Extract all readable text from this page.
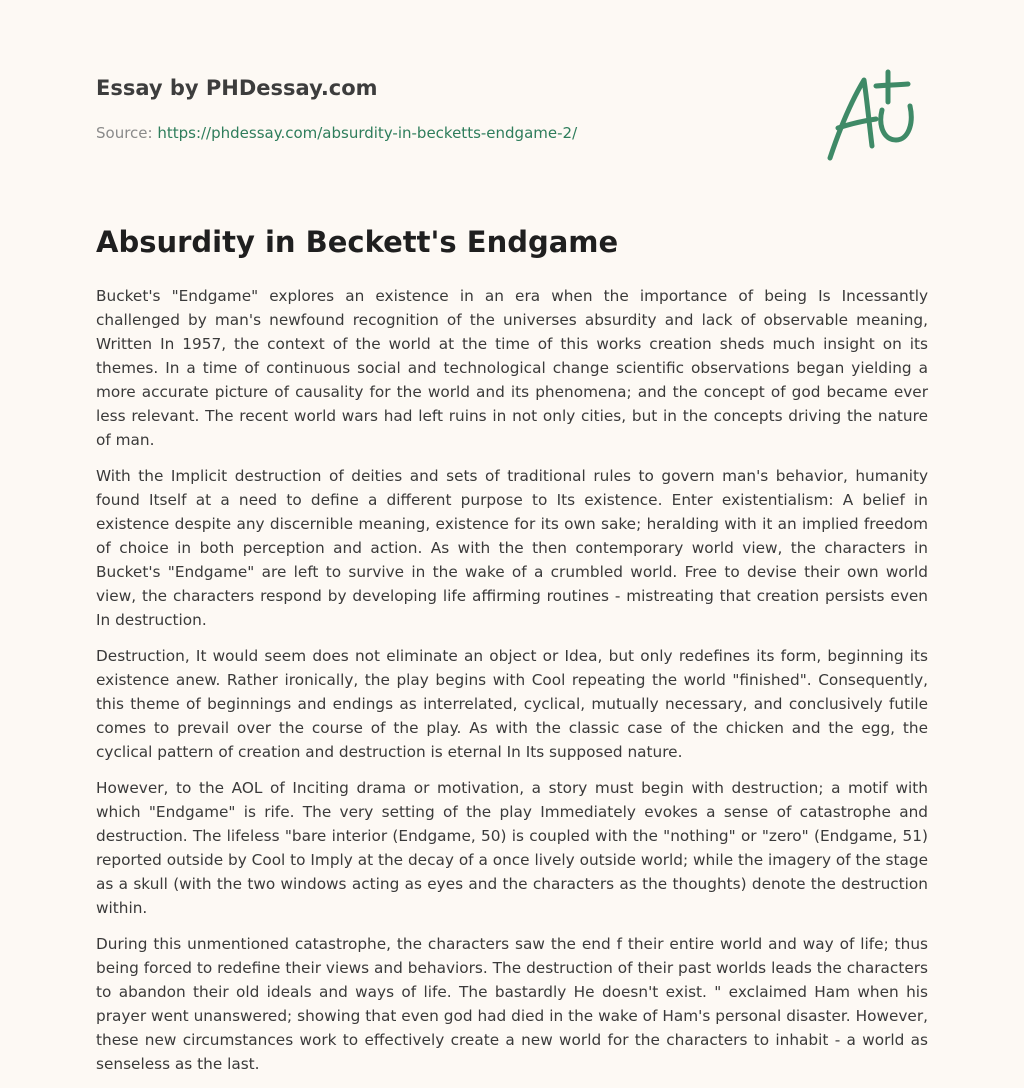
Essay by PHDessay.com
Source: https://phdessay.com/absurdity-in-becketts-endgame-2/
Absurdity in Beckett's Endgame

Bucket's "Endgame" explores an existence in an era when the importance of being Is Incessantly challenged by man's newfound recognition of the universes absurdity and lack of observable meaning, Written In 1957, the context of the world at the time of this works creation sheds much insight on its themes. In a time of continuous social and technological change scientific observations began yielding a more accurate picture of causality for the world and its phenomena; and the concept of god became ever less relevant. The recent world wars had left ruins in not only cities, but in the concepts driving the nature of man.

With the Implicit destruction of deities and sets of traditional rules to govern man's behavior, humanity found Itself at a need to define a different purpose to Its existence. Enter existentialism: A belief in existence despite any discernible meaning, existence for its own sake; heralding with it an implied freedom of choice in both perception and action. As with the then contemporary world view, the characters in Bucket's "Endgame" are left to survive in the wake of a crumbled world. Free to devise their own world view, the characters respond by developing life affirming routines - mistreating that creation persists even In destruction.

Destruction, It would seem does not eliminate an object or Idea, but only redefines its form, beginning its existence anew. Rather ironically, the play begins with Cool repeating the world "finished". Consequently, this theme of beginnings and endings as interrelated, cyclical, mutually necessary, and conclusively futile comes to prevail over the course of the play. As with the classic case of the chicken and the egg, the cyclical pattern of creation and destruction is eternal In Its supposed nature.

However, to the AOL of Inciting drama or motivation, a story must begin with destruction; a motif with which "Endgame" is rife. The very setting of the play Immediately evokes a sense of catastrophe and destruction. The lifeless "bare interior (Endgame, 50) is coupled with the "nothing" or "zero" (Endgame, 51) reported outside by Cool to Imply at the decay of a once lively outside world; while the imagery of the stage as a skull (with the two windows acting as eyes and the characters as the thoughts) denote the destruction within.

During this unmentioned catastrophe, the characters saw the end f their entire world and way of life; thus being forced to redefine their views and behaviors. The destruction of their past worlds leads the characters to abandon their old ideals and ways of life. The bastardly He doesn't exist. " exclaimed Ham when his prayer went unanswered; showing that even god had died in the wake of Ham's personal disaster. However, these new circumstances work to effectively create a new world for the characters to inhabit - a world as senseless as the last.
